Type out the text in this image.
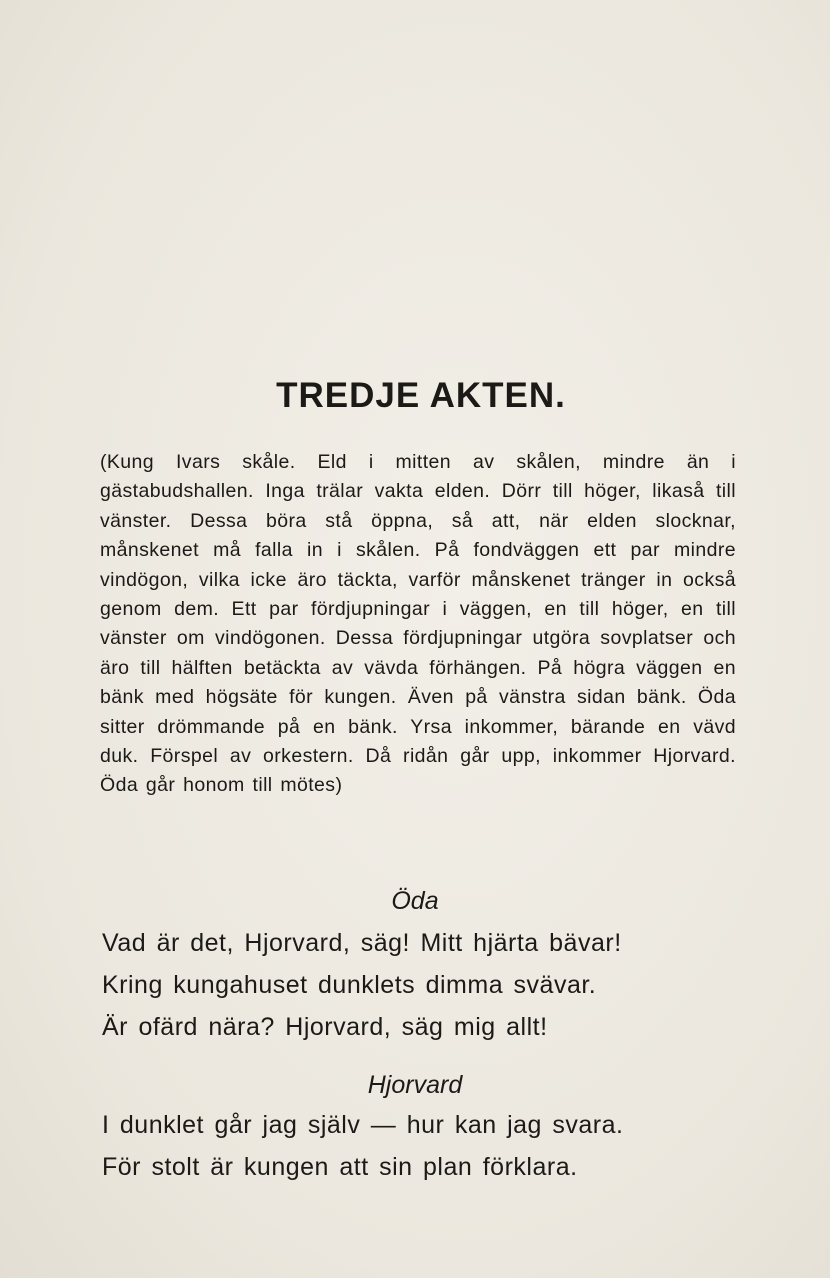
TREDJE AKTEN.
(Kung Ivars skåle. Eld i mitten av skålen, mindre än i gästabudshallen. Inga trälar vakta elden. Dörr till höger, likaså till vänster. Dessa böra stå öppna, så att, när elden slocknar, månskenet må falla in i skålen. På fondväggen ett par mindre vindögon, vilka icke äro täckta, varför månskenet tränger in också genom dem. Ett par fördjupningar i väggen, en till höger, en till vänster om vindögonen. Dessa fördjupningar utgöra sovplatser och äro till hälften betäckta av vävda förhängen. På högra väggen en bänk med högsäte för kungen. Även på vänstra sidan bänk. Öda sitter drömmande på en bänk. Yrsa inkommer, bärande en vävd duk. Förspel av orkestern. Då ridån går upp, inkommer Hjorvard. Öda går honom till mötes)
Öda
Vad är det, Hjorvard, säg! Mitt hjärta bävar!
Kring kungahuset dunklets dimma svävar.
Är ofärd nära? Hjorvard, säg mig allt!
Hjorvard
I dunklet går jag själv — hur kan jag svara.
För stolt är kungen att sin plan förklara.
